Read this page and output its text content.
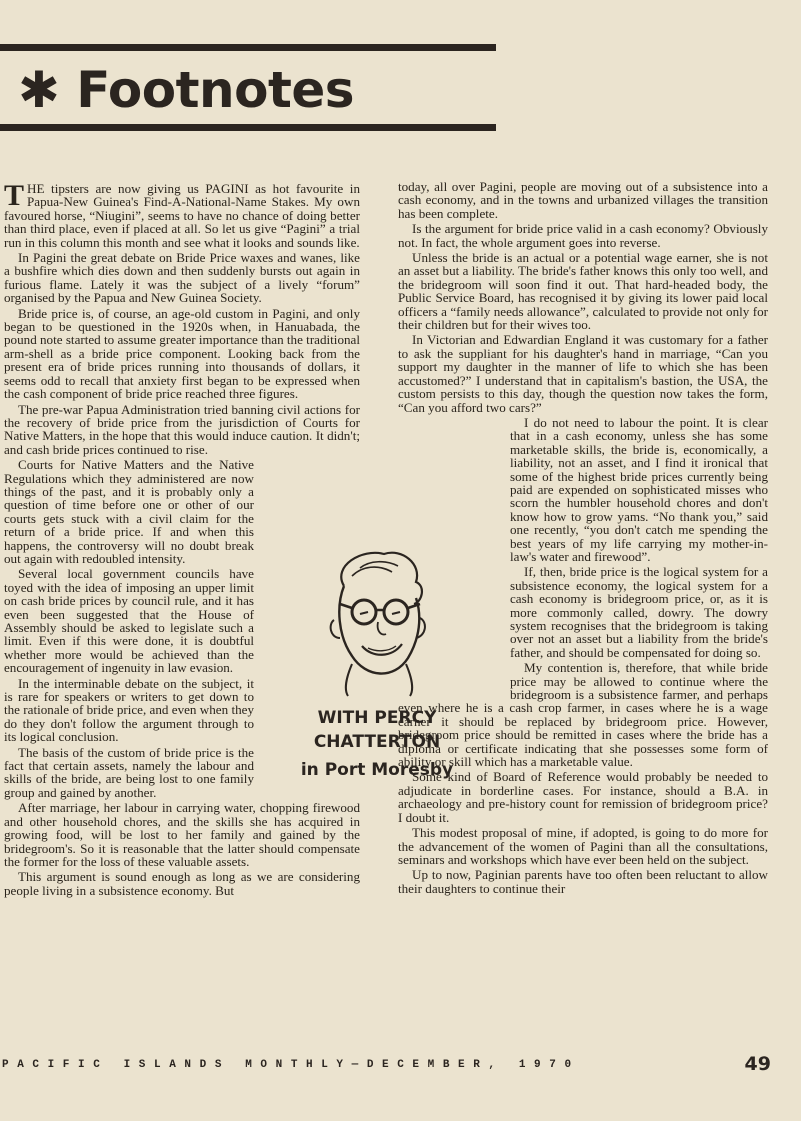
✱ Footnotes

THE tipsters are now giving us PAGINI as hot favourite in Papua-New Guinea's Find-A-National-Name Stakes. My own favoured horse, “Niugini”, seems to have no chance of doing better than third place, even if placed at all. So let us give “Pagini” a trial run in this column this month and see what it looks and sounds like.

In Pagini the great debate on Bride Price waxes and wanes, like a bushfire which dies down and then suddenly bursts out again in furious flame. Lately it was the subject of a lively “forum” organised by the Papua and New Guinea Society.

Bride price is, of course, an age-old custom in Pagini, and only began to be questioned in the 1920s when, in Hanuabada, the pound note started to assume greater importance than the traditional arm-shell as a bride price component. Looking back from the present era of bride prices running into thousands of dollars, it seems odd to recall that anxiety first began to be expressed when the cash component of bride price reached three figures.

The pre-war Papua Administration tried banning civil actions for the recovery of bride price from the jurisdiction of Courts for Native Matters, in the hope that this would induce caution. It didn't; and cash bride prices continued to rise.

Courts for Native Matters and the Native Regulations which they administered are now things of the past, and it is probably only a question of time before one or other of our courts gets stuck with a civil claim for the return of a bride price. If and when this happens, the controversy will no doubt break out again with redoubled intensity.

Several local government councils have toyed with the idea of imposing an upper limit on cash bride prices by council rule, and it has even been suggested that the House of Assembly should be asked to legislate such a limit. Even if this were done, it is doubtful whether more would be achieved than the encouragement of ingenuity in law evasion.

In the interminable debate on the subject, it is rare for speakers or writers to get down to the rationale of bride price, and even when they do they don't follow the argument through to its logical conclusion.

The basis of the custom of bride price is the fact that certain assets, namely the labour and skills of the bride, are being lost to one family group and gained by another.

After marriage, her labour in carrying water, chopping firewood and other household chores, and the skills she has acquired in growing food, will be lost to her family and gained by the bridegroom's. So it is reasonable that the latter should compensate the former for the loss of these valuable assets.

This argument is sound enough as long as we are considering people living in a subsistence economy. But

today, all over Pagini, people are moving out of a subsistence into a cash economy, and in the towns and urbanized villages the transition has been complete.

Is the argument for bride price valid in a cash economy? Obviously not. In fact, the whole argument goes into reverse.

Unless the bride is an actual or a potential wage earner, she is not an asset but a liability. The bride's father knows this only too well, and the bridegroom will soon find it out. That hard-headed body, the Public Service Board, has recognised it by giving its lower paid local officers a “family needs allowance”, calculated to provide not only for their children but for their wives too.

In Victorian and Edwardian England it was customary for a father to ask the suppliant for his daughter's hand in marriage, “Can you support my daughter in the manner of life to which she has been accustomed?” I understand that in capitalism's bastion, the USA, the custom persists to this day, though the question now takes the form, “Can you afford two cars?”

I do not need to labour the point. It is clear that in a cash economy, unless she has some marketable skills, the bride is, economically, a liability, not an asset, and I find it ironical that some of the highest bride prices currently being paid are expended on sophisticated misses who scorn the humbler household chores and don't know how to grow yams. “No thank you,” said one recently, “you don't catch me spending the best years of my life carrying my mother-in-law's water and firewood”.

If, then, bride price is the logical system for a subsistence economy, the logical system for a cash economy is bridegroom price, or, as it is more commonly called, dowry. The dowry system recognises that the bridegroom is taking over not an asset but a liability from the bride's father, and should be compensated for doing so.

My contention is, therefore, that while bride price may be allowed to continue where the bridegroom is a subsistence farmer, and perhaps even where he is a cash crop farmer, in cases where he is a wage earner it should be replaced by bridegroom price. However, bridegroom price should be remitted in cases where the bride has a diploma or certificate indicating that she possesses some form of ability or skill which has a marketable value.

Some kind of Board of Reference would probably be needed to adjudicate in borderline cases. For instance, should a B.A. in archaeology and pre-history count for remission of bridegroom price? I doubt it.

This modest proposal of mine, if adopted, is going to do more for the advancement of the women of Pagini than all the consultations, seminars and workshops which have ever been held on the subject.

Up to now, Paginian parents have too often been reluctant to allow their daughters to continue their

WITH PERCY CHATTERTON
in Port Moresby
PACIFIC ISLANDS MONTHLY—DECEMBER, 1970	49
